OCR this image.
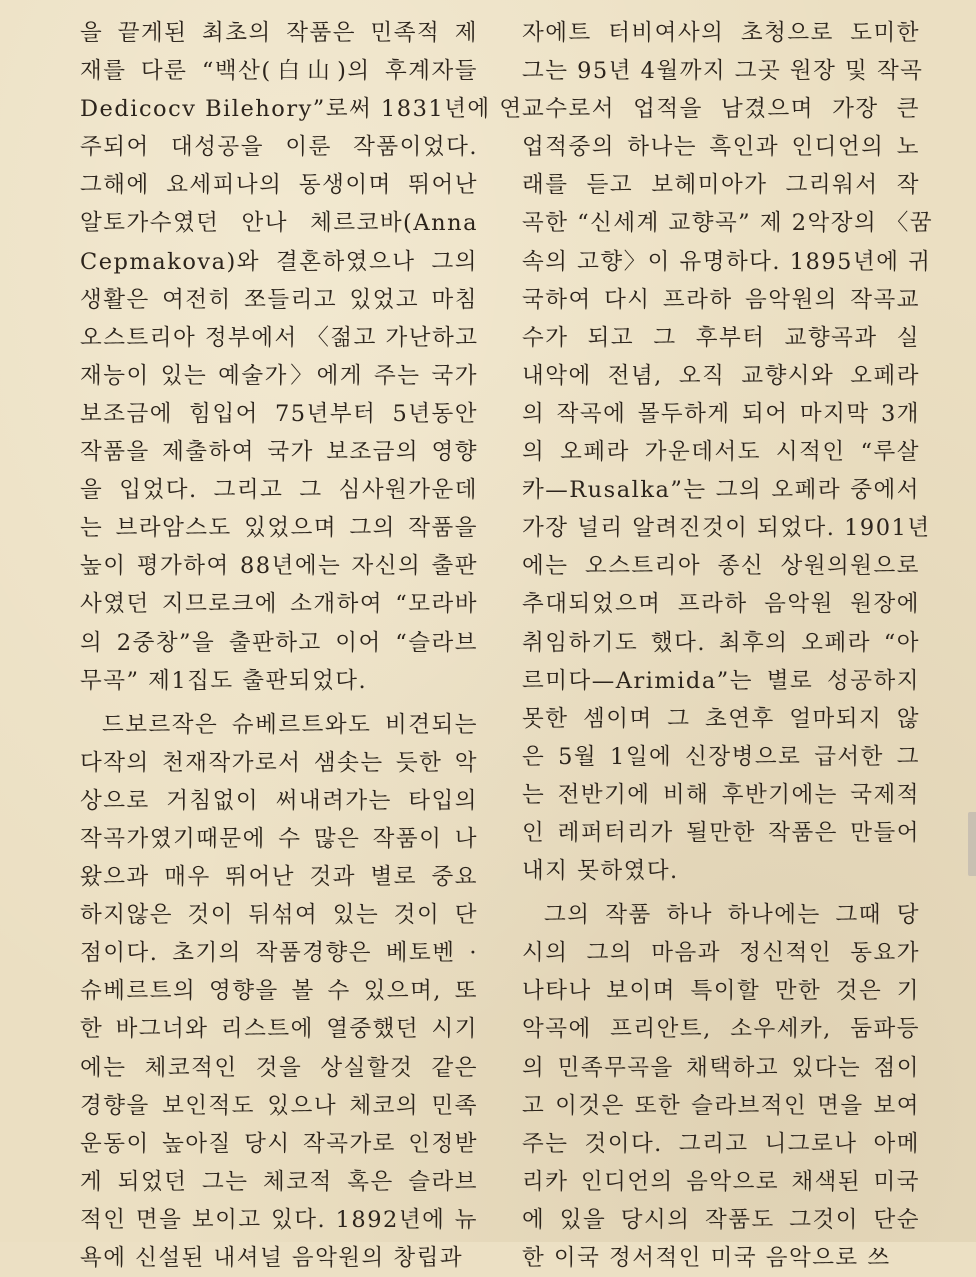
을 끝게된 최초의 작품은 민족적 제
재를 다룬 “백산(白山)의 후계자들
Dedicocv Bilehory”로써 1831년에 연
주되어 대성공을 이룬 작품이었다.
그해에 요세피나의 동생이며 뛰어난
알토가수였던 안나 체르코바(Anna
Cepmakova)와 결혼하였으나 그의
생활은 여전히 쪼들리고 있었고 마침
오스트리아 정부에서 〈젊고 가난하고
재능이 있는 예술가〉에게 주는 국가
보조금에 힘입어 75년부터 5년동안
작품을 제출하여 국가 보조금의 영향
을 입었다. 그리고 그 심사원가운데
는 브라암스도 있었으며 그의 작품을
높이 평가하여 88년에는 자신의 출판
사였던 지므로크에 소개하여 “모라바
의 2중창”을 출판하고 이어 “슬라브
무곡” 제1집도 출판되었다.
드보르작은 슈베르트와도 비견되는
다작의 천재작가로서 샘솟는 듯한 악
상으로 거침없이 써내려가는 타입의
작곡가였기때문에 수 많은 작품이 나
왔으과 매우 뛰어난 것과 별로 중요
하지않은 것이 뒤섞여 있는 것이 단
점이다. 초기의 작품경향은 베토벤 ·
슈베르트의 영향을 볼 수 있으며, 또
한 바그너와 리스트에 열중했던 시기
에는 체코적인 것을 상실할것 같은
경향을 보인적도 있으나 체코의 민족
운동이 높아질 당시 작곡가로 인정받
게 되었던 그는 체코적 혹은 슬라브
적인 면을 보이고 있다. 1892년에 뉴
욕에 신설된 내셔널 음악원의 창립과
자에트 터비여사의 초청으로 도미한
그는 95년 4월까지 그곳 원장 및 작곡
교수로서 업적을 남겼으며 가장 큰
업적중의 하나는 흑인과 인디언의 노
래를 듣고 보헤미아가 그리워서 작
곡한 “신세계 교향곡” 제 2악장의 〈꿈
속의 고향〉이 유명하다. 1895년에 귀
국하여 다시 프라하 음악원의 작곡교
수가 되고 그 후부터 교향곡과 실
내악에 전념, 오직 교향시와 오페라
의 작곡에 몰두하게 되어 마지막 3개
의 오페라 가운데서도 시적인 “루살
카—Rusalka”는 그의 오페라 중에서
가장 널리 알려진것이 되었다. 1901년
에는 오스트리아 종신 상원의원으로
추대되었으며 프라하 음악원 원장에
취임하기도 했다. 최후의 오페라 “아
르미다—Arimida”는 별로 성공하지
못한 셈이며 그 초연후 얼마되지 않
은 5월 1일에 신장병으로 급서한 그
는 전반기에 비해 후반기에는 국제적
인 레퍼터리가 될만한 작품은 만들어
내지 못하였다.
그의 작품 하나 하나에는 그때 당
시의 그의 마음과 정신적인 동요가
나타나 보이며 특이할 만한 것은 기
악곡에 프리안트, 소우세카, 둠파등
의 민족무곡을 채택하고 있다는 점이
고 이것은 또한 슬라브적인 면을 보여
주는 것이다. 그리고 니그로나 아메
리카 인디언의 음악으로 채색된 미국
에 있을 당시의 작품도 그것이 단순
한 이국 정서적인 미국 음악으로 쓰
